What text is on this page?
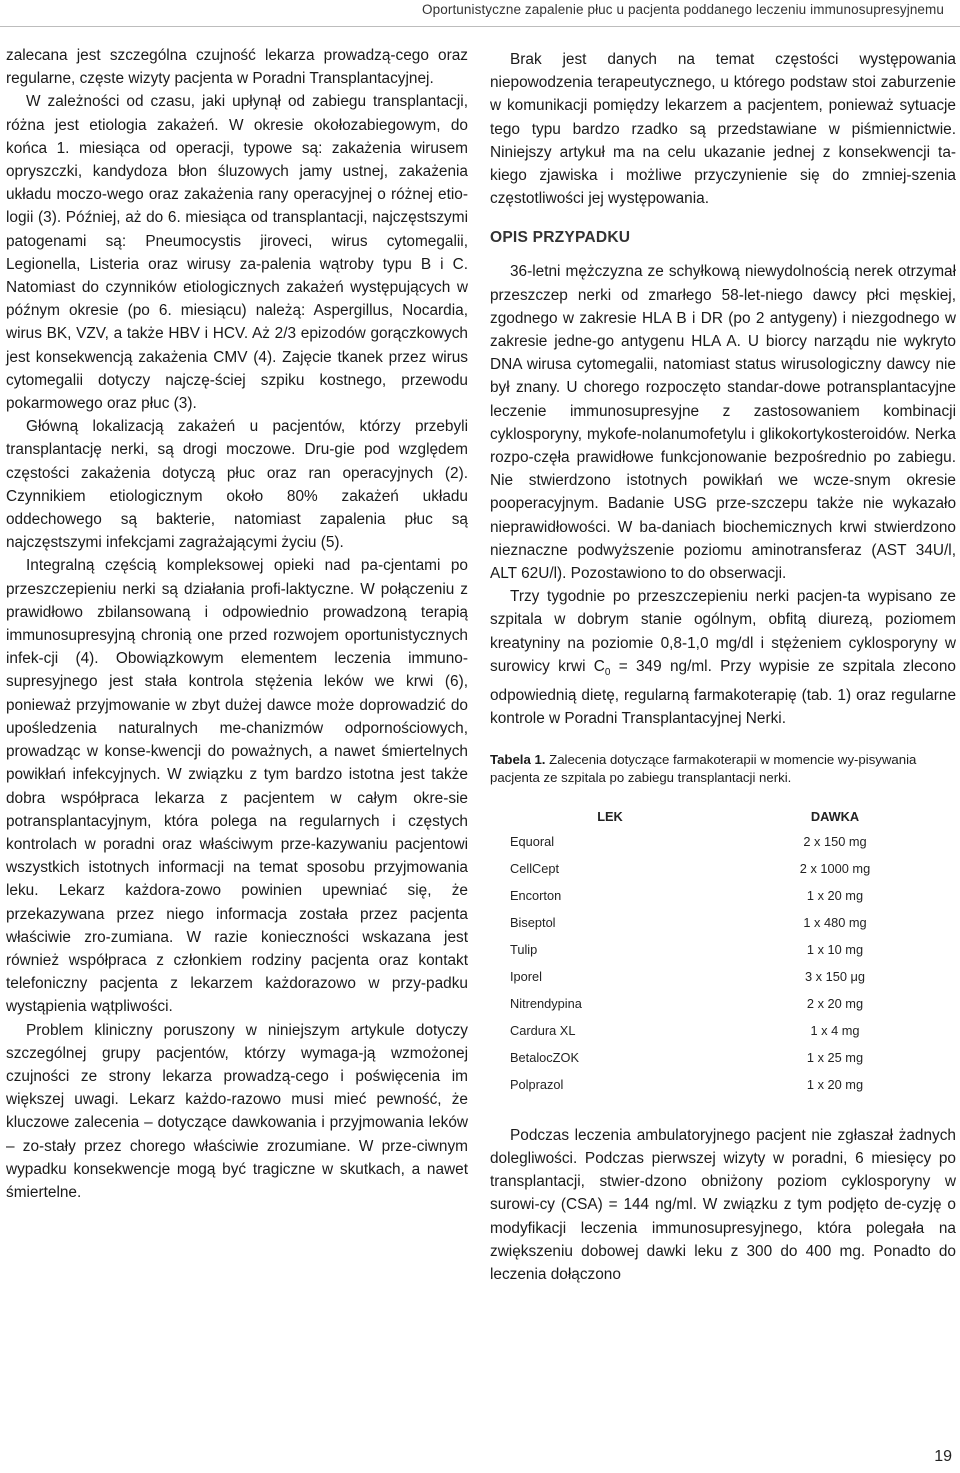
Oportunistyczne zapalenie płuc u pacjenta poddanego leczeniu immunosupresyjnemu

zalecana jest szczególna czujność lekarza prowadzą-cego oraz regularne, częste wizyty pacjenta w Poradni Transplantacyjnej.

W zależności od czasu, jaki upłynął od zabiegu transplantacji, różna jest etiologia zakażeń. W okresie okołozabiegowym, do końca 1. miesiąca od operacji, typowe są: zakażenia wirusem opryszczki, kandydoza błon śluzowych jamy ustnej, zakażenia układu moczo-wego oraz zakażenia rany operacyjnej o różnej etio-logii (3). Później, aż do 6. miesiąca od transplantacji, najczęstszymi patogenami są: Pneumocystis jiroveci, wirus cytomegalii, Legionella, Listeria oraz wirusy za-palenia wątroby typu B i C. Natomiast do czynników etiologicznych zakażeń występujących w późnym okresie (po 6. miesiącu) należą: Aspergillus, Nocardia, wirus BK, VZV, a także HBV i HCV. Aż 2/3 epizodów gorączkowych jest konsekwencją zakażenia CMV (4). Zajęcie tkanek przez wirus cytomegalii dotyczy najczę-ściej szpiku kostnego, przewodu pokarmowego oraz płuc (3).

Główną lokalizacją zakażeń u pacjentów, którzy przebyli transplantację nerki, są drogi moczowe. Dru-gie pod względem częstości zakażenia dotyczą płuc oraz ran operacyjnych (2). Czynnikiem etiologicznym około 80% zakażeń układu oddechowego są bakterie, natomiast zapalenia płuc są najczęstszymi infekcjami zagrażającymi życiu (5).

Integralną częścią kompleksowej opieki nad pa-cjentami po przeszczepieniu nerki są działania profi-laktyczne. W połączeniu z prawidłowo zbilansowaną i odpowiednio prowadzoną terapią immunosupresyjną chronią one przed rozwojem oportunistycznych infek-cji (4). Obowiązkowym elementem leczenia immuno-supresyjnego jest stała kontrola stężenia leków we krwi (6), ponieważ przyjmowanie w zbyt dużej dawce może doprowadzić do upośledzenia naturalnych me-chanizmów odpornościowych, prowadząc w konse-kwencji do poważnych, a nawet śmiertelnych powikłań infekcyjnych. W związku z tym bardzo istotna jest także dobra współpraca lekarza z pacjentem w całym okre-sie potransplantacyjnym, która polega na regularnych i częstych kontrolach w poradni oraz właściwym prze-kazywaniu pacjentowi wszystkich istotnych informacji na temat sposobu przyjmowania leku. Lekarz każdora-zowo powinien upewniać się, że przekazywana przez niego informacja została przez pacjenta właściwie zro-zumiana. W razie konieczności wskazana jest również współpraca z członkiem rodziny pacjenta oraz kontakt telefoniczny pacjenta z lekarzem każdorazowo w przy-padku wystąpienia wątpliwości.

Problem kliniczny poruszony w niniejszym artykule dotyczy szczególnej grupy pacjentów, którzy wymaga-ją wzmożonej czujności ze strony lekarza prowadzą-cego i poświęcenia im większej uwagi. Lekarz każdo-razowo musi mieć pewność, że kluczowe zalecenia – dotyczące dawkowania i przyjmowania leków – zo-stały przez chorego właściwie zrozumiane. W prze-ciwnym wypadku konsekwencje mogą być tragiczne w skutkach, a nawet śmiertelne.

Brak jest danych na temat częstości występowania niepowodzenia terapeutycznego, u którego podstaw stoi zaburzenie w komunikacji pomiędzy lekarzem a pacjentem, ponieważ sytuacje tego typu bardzo rzadko są przedstawiane w piśmiennictwie. Niniejszy artykuł ma na celu ukazanie jednej z konsekwencji ta-kiego zjawiska i możliwe przyczynienie się do zmniej-szenia częstotliwości jej występowania.

OPIS PRZYPADKU

36-letni mężczyzna ze schyłkową niewydolnością nerek otrzymał przeszczep nerki od zmarłego 58-let-niego dawcy płci męskiej, zgodnego w zakresie HLA B i DR (po 2 antygeny) i niezgodnego w zakresie jedne-go antygenu HLA A. U biorcy narządu nie wykryto DNA wirusa cytomegalii, natomiast status wirusologiczny dawcy nie był znany. U chorego rozpoczęto standar-dowe potransplantacyjne leczenie immunosupresyjne z zastosowaniem kombinacji cyklosporyny, mykofe-nolanumofetylu i glikokortykosteroidów. Nerka rozpo-częła prawidłowe funkcjonowanie bezpośrednio po zabiegu. Nie stwierdzono istotnych powikłań we wcze-snym okresie pooperacyjnym. Badanie USG prze-szczepu także nie wykazało nieprawidłowości. W ba-daniach biochemicznych krwi stwierdzono nieznaczne podwyższenie poziomu aminotransferaz (AST 34U/l, ALT 62U/l). Pozostawiono to do obserwacji.

Trzy tygodnie po przeszczepieniu nerki pacjen-ta wypisano ze szpitala w dobrym stanie ogólnym, obfitą diurezą, poziomem kreatyniny na poziomie 0,8-1,0 mg/dl i stężeniem cyklosporyny w surowicy krwi $C_0 = 349$ ng/ml. Przy wypisie ze szpitala zlecono odpowiednią dietę, regularną farmakoterapię (tab. 1) oraz regularne kontrole w Poradni Transplantacyjnej Nerki.

Tabela 1. Zalecenia dotyczące farmakoterapii w momencie wy-pisywania pacjenta ze szpitala po zabiegu transplantacji nerki.
LEK	DAWKA
Equoral	2 x 150 mg
CellCept	2 x 1000 mg
Encorton	1 x 20 mg
Biseptol	1 x 480 mg
Tulip	1 x 10 mg
Iporel	3 x 150 μg
Nitrendypina	2 x 20 mg
Cardura XL	1 x 4 mg
BetalocZOK	1 x 25 mg
Polprazol	1 x 20 mg

Podczas leczenia ambulatoryjnego pacjent nie zgłaszał żadnych dolegliwości. Podczas pierwszej wizyty w poradni, 6 miesięcy po transplantacji, stwier-dzono obniżony poziom cyklosporyny w surowi-cy (CSA) = 144 ng/ml. W związku z tym podjęto de-cyzję o modyfikacji leczenia immunosupresyjnego, która polegała na zwiększeniu dobowej dawki leku z 300 do 400 mg. Ponadto do leczenia dołączono

19
